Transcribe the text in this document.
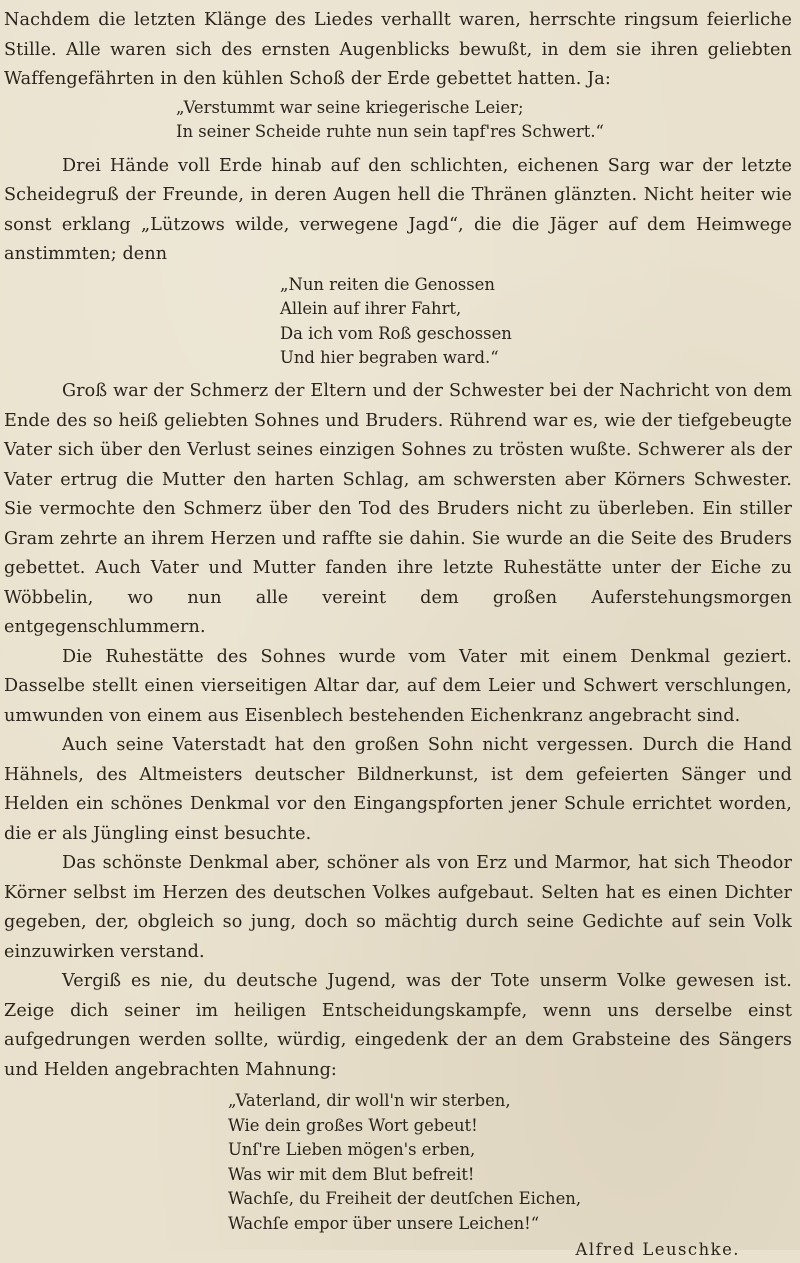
Nachdem die letzten Klänge des Liedes verhallt waren, herrschte ringsum feierliche Stille. Alle waren sich des ernsten Augenblicks bewußt, in dem sie ihren geliebten Waffengefährten in den kühlen Schoß der Erde gebettet hatten. Ja:

„Verstummt war seine kriegerische Leier;
In seiner Scheide ruhte nun sein tapf'res Schwert.“

Drei Hände voll Erde hinab auf den schlichten, eichenen Sarg war der letzte Scheidegruß der Freunde, in deren Augen hell die Thränen glänzten. Nicht heiter wie sonst erklang „Lützows wilde, verwegene Jagd“, die die Jäger auf dem Heimwege anstimmten; denn

„Nun reiten die Genossen
Allein auf ihrer Fahrt,
Da ich vom Roß geschossen
Und hier begraben ward.“

Groß war der Schmerz der Eltern und der Schwester bei der Nachricht von dem Ende des so heiß geliebten Sohnes und Bruders. Rührend war es, wie der tiefgebeugte Vater sich über den Verlust seines einzigen Sohnes zu trösten wußte. Schwerer als der Vater ertrug die Mutter den harten Schlag, am schwersten aber Körners Schwester. Sie vermochte den Schmerz über den Tod des Bruders nicht zu überleben. Ein stiller Gram zehrte an ihrem Herzen und raffte sie dahin. Sie wurde an die Seite des Bruders gebettet. Auch Vater und Mutter fanden ihre letzte Ruhestätte unter der Eiche zu Wöbbelin, wo nun alle vereint dem großen Auferstehungsmorgen entgegenschlummern.

Die Ruhestätte des Sohnes wurde vom Vater mit einem Denkmal geziert. Dasselbe stellt einen vierseitigen Altar dar, auf dem Leier und Schwert verschlungen, umwunden von einem aus Eisenblech bestehenden Eichenkranz angebracht sind.

Auch seine Vaterstadt hat den großen Sohn nicht vergessen. Durch die Hand Hähnels, des Altmeisters deutscher Bildnerkunst, ist dem gefeierten Sänger und Helden ein schönes Denkmal vor den Eingangspforten jener Schule errichtet worden, die er als Jüngling einst besuchte.

Das schönste Denkmal aber, schöner als von Erz und Marmor, hat sich Theodor Körner selbst im Herzen des deutschen Volkes aufgebaut. Selten hat es einen Dichter gegeben, der, obgleich so jung, doch so mächtig durch seine Gedichte auf sein Volk einzuwirken verstand.

Vergiß es nie, du deutsche Jugend, was der Tote unserm Volke gewesen ist. Zeige dich seiner im heiligen Entscheidungskampfe, wenn uns derselbe einst aufgedrungen werden sollte, würdig, eingedenk der an dem Grabsteine des Sängers und Helden angebrachten Mahnung:

„Vaterland, dir woll'n wir sterben,
Wie dein großes Wort gebeut!
Unſ're Lieben mögen's erben,
Was wir mit dem Blut befreit!
Wachſe, du Freiheit der deutſchen Eichen,
Wachſe empor über unsere Leichen!“
Alfred Leuschke.
